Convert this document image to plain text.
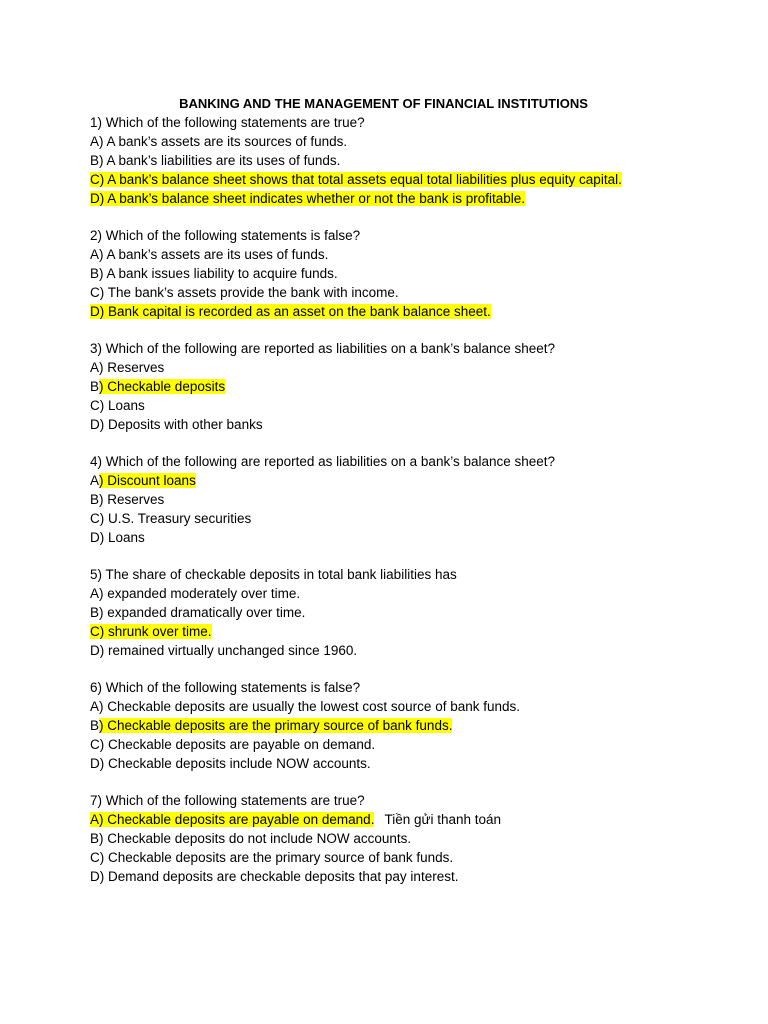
BANKING AND THE MANAGEMENT OF FINANCIAL INSTITUTIONS
1) Which of the following statements are true?
A) A bank’s assets are its sources of funds.
B) A bank’s liabilities are its uses of funds.
C) A bank’s balance sheet shows that total assets equal total liabilities plus equity capital.
D) A bank’s balance sheet indicates whether or not the bank is profitable.
2) Which of the following statements is false?
A) A bank’s assets are its uses of funds.
B) A bank issues liability to acquire funds.
C) The bank’s assets provide the bank with income.
D) Bank capital is recorded as an asset on the bank balance sheet.
3) Which of the following are reported as liabilities on a bank’s balance sheet?
A) Reserves
B) Checkable deposits
C) Loans
D) Deposits with other banks
4) Which of the following are reported as liabilities on a bank’s balance sheet?
A) Discount loans
B) Reserves
C) U.S. Treasury securities
D) Loans
5) The share of checkable deposits in total bank liabilities has
A) expanded moderately over time.
B) expanded dramatically over time.
C) shrunk over time.
D) remained virtually unchanged since 1960.
6) Which of the following statements is false?
A) Checkable deposits are usually the lowest cost source of bank funds.
B) Checkable deposits are the primary source of bank funds.
C) Checkable deposits are payable on demand.
D) Checkable deposits include NOW accounts.
7) Which of the following statements are true?
A) Checkable deposits are payable on demand. Tiền gửi thanh toán
B) Checkable deposits do not include NOW accounts.
C) Checkable deposits are the primary source of bank funds.
D) Demand deposits are checkable deposits that pay interest.
